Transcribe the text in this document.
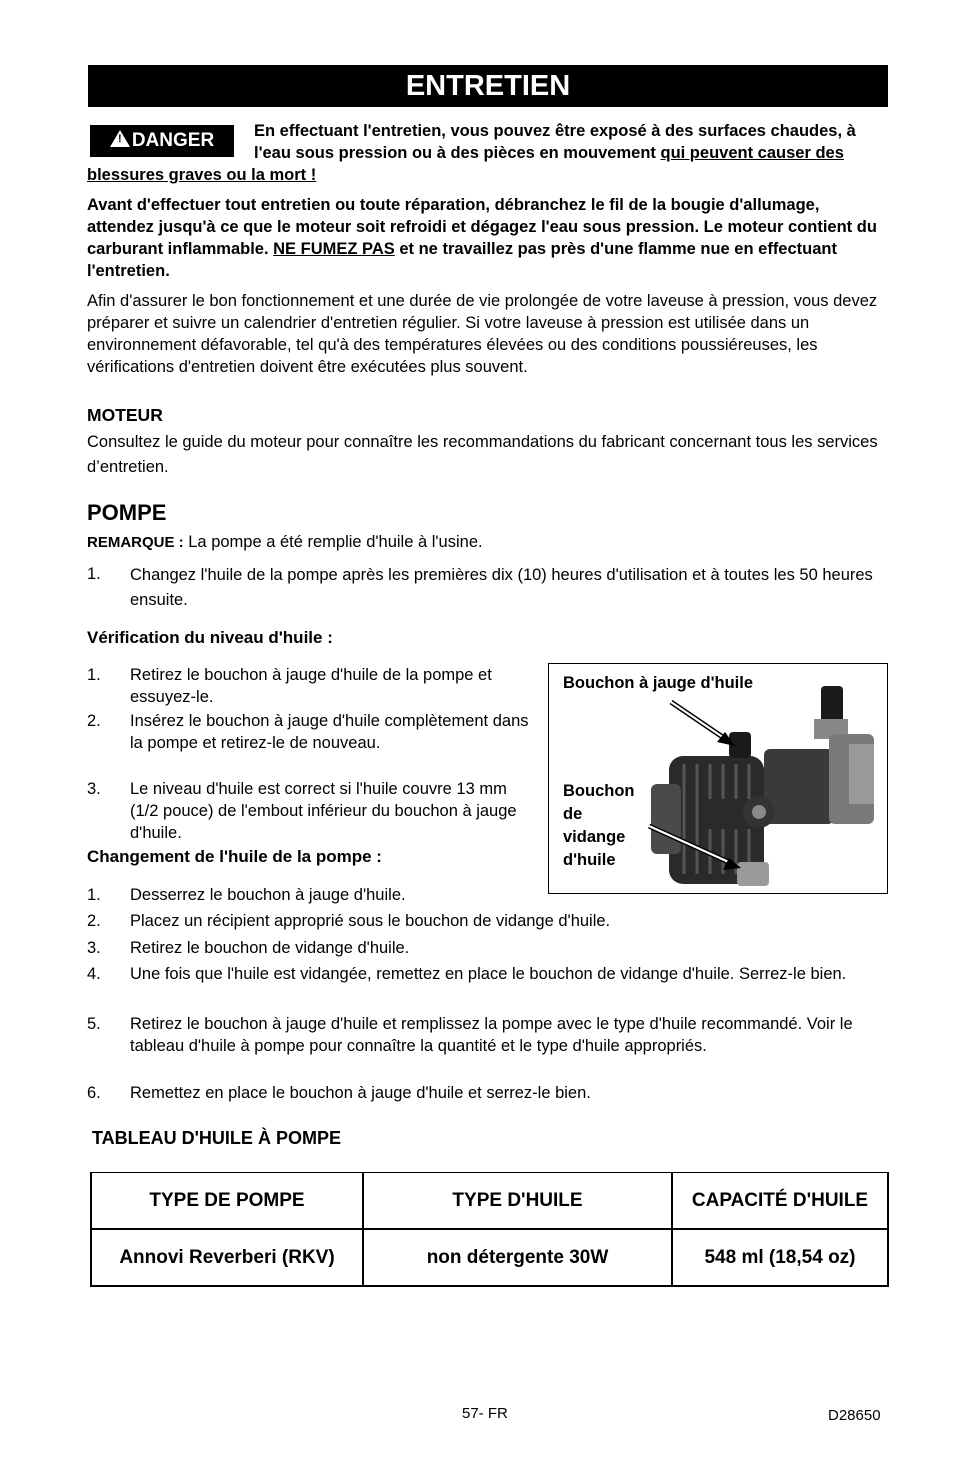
ENTRETIEN
! DANGER
Avant d'effectuer tout entretien ou toute réparation, débranchez le fil de la bougie d'allumage, attendez jusqu'à ce que le moteur soit refroidi et dégagez l'eau sous pression. Le moteur contient du carburant inflammable. NE FUMEZ PAS et ne travaillez pas près d'une flamme nue en effectuant l'entretien.
Afin d'assurer le bon fonctionnement et une durée de vie prolongée de votre laveuse à pression, vous devez préparer et suivre un calendrier d'entretien régulier. Si votre laveuse à pression est utilisée dans un environnement défavorable, tel qu'à des températures élevées ou des conditions poussiéreuses, les vérifications d'entretien doivent être exécutées plus souvent.
MOTEUR
Consultez le guide du moteur pour connaître les recommandations du fabricant concernant tous les services d’entretien.
POMPE
REMARQUE : La pompe a été remplie d'huile à l'usine.
1.	Changez l'huile de la pompe après les premières dix (10) heures d'utilisation et à toutes les 50 heures ensuite.
Vérification du niveau d'huile :
1.	Retirez le bouchon à jauge d'huile de la pompe et essuyez-le.
2.	Insérez le bouchon à jauge d'huile complètement dans la pompe et retirez-le de nouveau.
3.	Le niveau d'huile est correct si l'huile couvre 13 mm (1/2 pouce) de l'embout inférieur du bouchon à jauge d'huile.
Bouchon à jauge d'huile
Bouchon
de
vidange
d'huile
Changement de l'huile de la pompe :
1.	Desserrez le bouchon à jauge d'huile.
2.	Placez un récipient approprié sous le bouchon de vidange d'huile.
3.	Retirez le bouchon de vidange d'huile.
4.	Une fois que l'huile est vidangée, remettez en place le bouchon de vidange d'huile. Serrez-le bien.
5.	Retirez le bouchon à jauge d'huile et remplissez la pompe avec le type d'huile recommandé. Voir le tableau d'huile à pompe pour connaître la quantité et le type d'huile appropriés.
6.	Remettez en place le bouchon à jauge d'huile et serrez-le bien.
TABLEAU D'HUILE À POMPE
TYPE DE POMPE	TYPE D'HUILE	CAPACITÉ D'HUILE
Annovi Reverberi (RKV)	non détergente 30W	548 ml (18,54 oz)
57- FR	D28650
En effectuant l'entretien, vous pouvez être exposé à des surfaces chaudes, à l'eau sous pression ou à des pièces en mouvement qui peuvent causer des blessures graves ou la mort !
